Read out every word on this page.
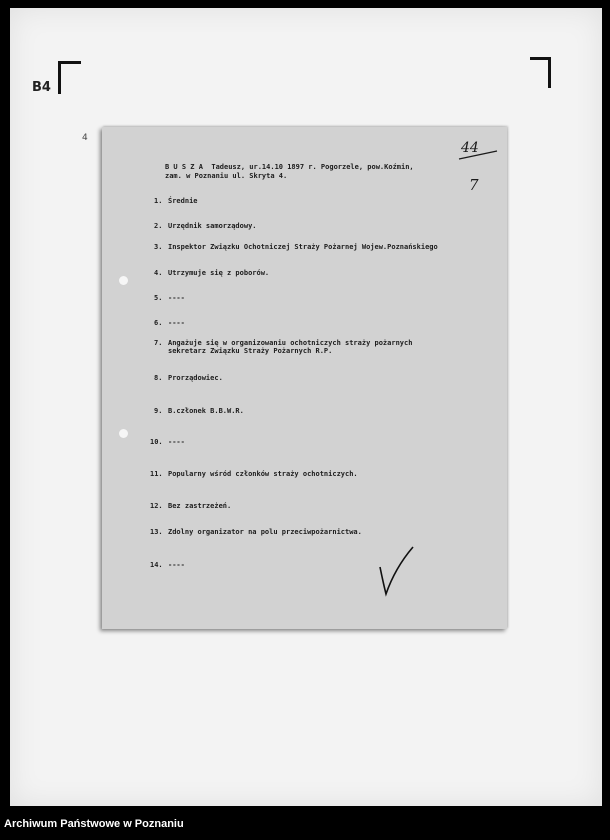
B4
4
B U S Z A  Tadeusz, ur.14.10 1897 r. Pogorzele, pow.Koźmin,
zam. w Poznaniu ul. Skryta 4.
44
7
1. Średnie
2. Urzędnik samorządowy.
3. Inspektor Związku Ochotniczej Straży Pożarnej Wojew.Poznańskiego
4. Utrzymuje się z poborów.
5. ----
6. ----
7. Angażuje się w organizowaniu ochotniczych straży pożarnych
sekretarz Związku Straży Pożarnych R.P.
8. Prorządowiec.
9. B.członek B.B.W.R.
10. ----
11. Popularny wśród członków straży ochotniczych.
12. Bez zastrzeżeń.
13. Zdolny organizator na polu przeciwpożarnictwa.
14. ----
Archiwum Państwowe w Poznaniu
